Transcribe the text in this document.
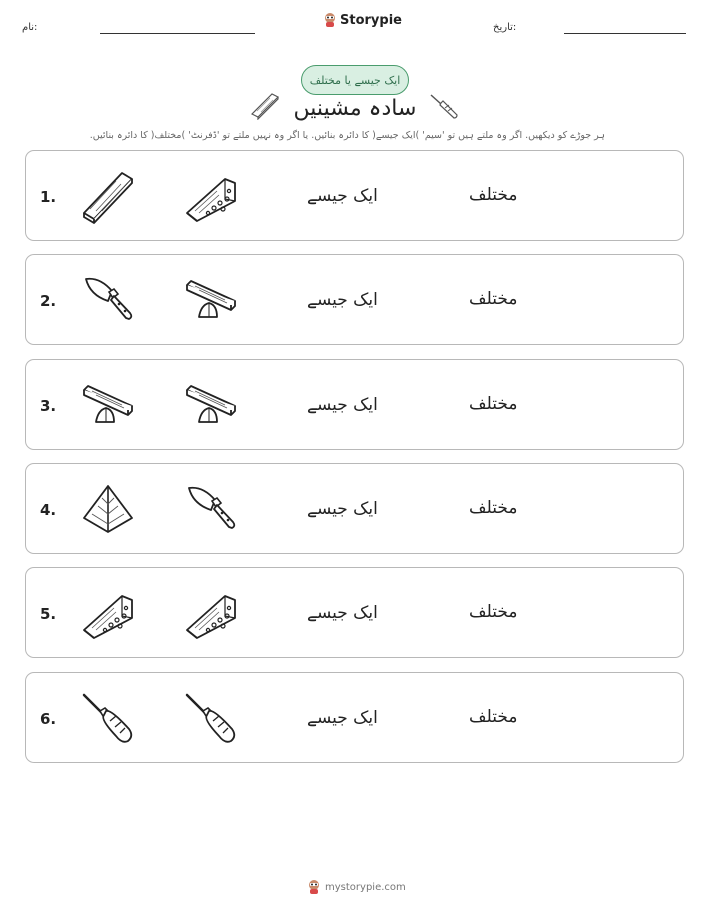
نام:	Storypie	تاریخ:
ایک جیسے یا مختلف
سادہ مشینیں
ہر جوڑے کو دیکھیں. اگر وہ ملتے ہیں تو 'سیم' )ایک جیسے( کا دائرہ بنائیں. یا اگر وہ نہیں ملتے تو 'ڈفرنٹ' )مختلف( کا دائرہ بنائیں.
1.	ایک جیسے	مختلف
2.	ایک جیسے	مختلف
3.	ایک جیسے	مختلف
4.	ایک جیسے	مختلف
5.	ایک جیسے	مختلف
6.	ایک جیسے	مختلف
mystorypie.com
